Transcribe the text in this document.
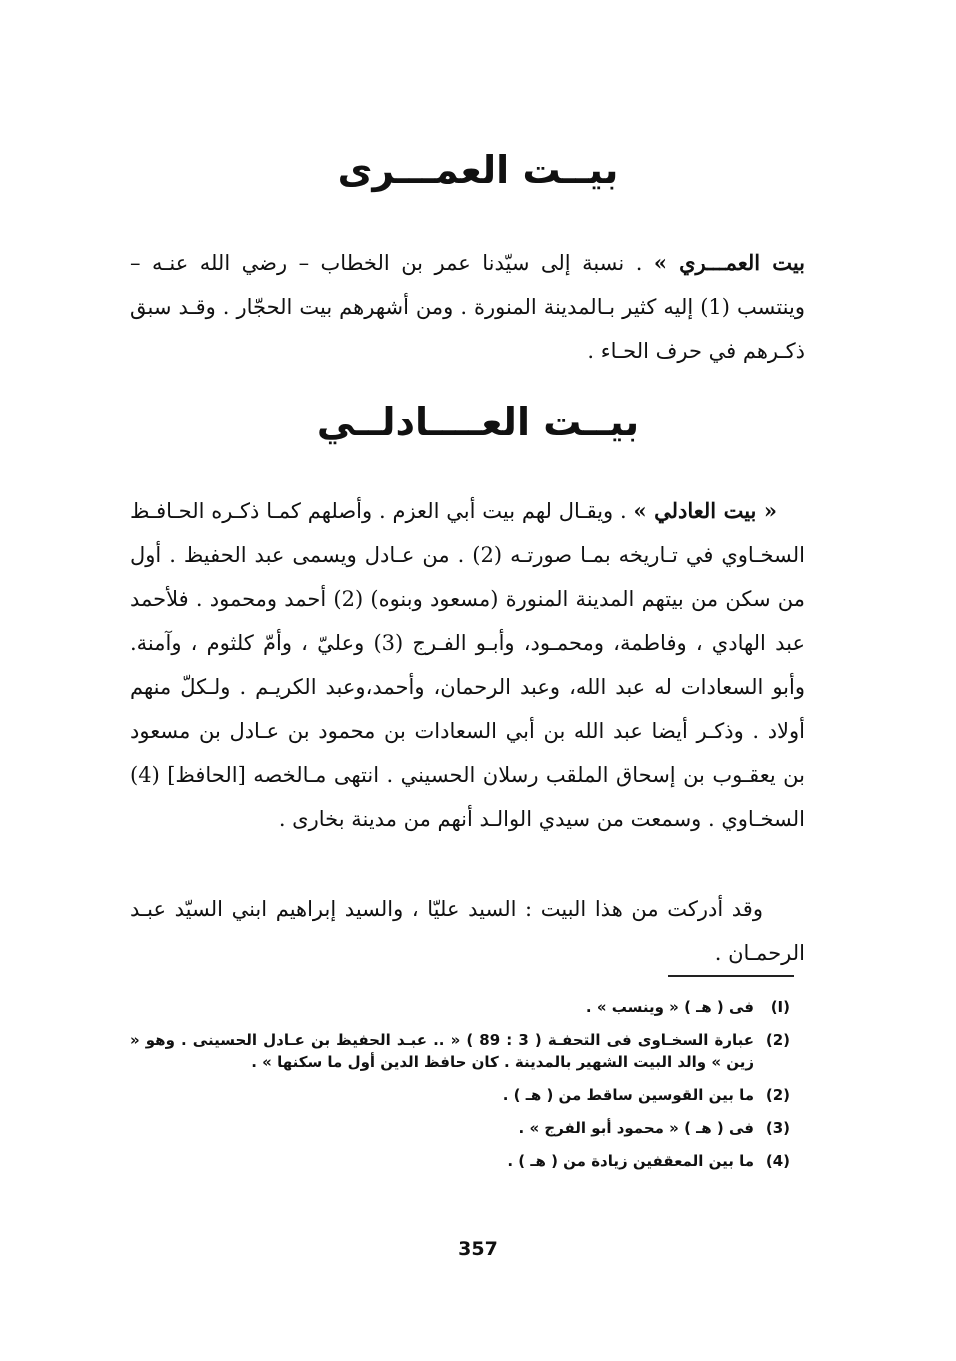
بيــت العمـــرى

بيت العمـــري » . نسبة إلى سيّدنا عمر بن الخطاب – رضي الله عنـه – وينتسب (1) إليه كثير بـالمدينة المنورة . ومن أشهرهم بيت الحجّار . وقـد سبق ذكـرهم في حرف الحـاء .

بيــت العــــادلــي

« بيت العادلي » . ويقـال لهم بيت أبي العزم . وأصلهم كمـا ذكـره الحـافـظ السخـاوي في تـاريخه بمـا صورتـه (2) . من عـادل ويسمى عبد الحفيظ . أول من سكن من بيتهم المدينة المنورة (مسعود وبنوه) (2) أحمد ومحمود . فلأحمد عبد الهادي ، وفاطمة، ومحمـود، وأبـو الفـرج (3) وعليّ ، وأمّ كلثوم ، وآمنة. وأبو السعادات له عبد الله، وعبد الرحمان، وأحمد،وعبد الكريـم . ولـكلّ منهم أولاد . وذكـر أيضا عبد الله بن أبي السعادات بن محمود بن عـادل بن مسعود بن يعقـوب بن إسحاق الملقب رسلان الحسيني . انتهى مـالخصه [الحافظ] (4) السخـاوي . وسمعت من سيدي الوالـد أنهم من مدينة بخارى .

وقد أدركت من هذا البيت : السيد عليّا ، والسيد إبراهيم ابني السيّد عبـد الرحمـان .

(I)
فى ( هـ ) « وينسب » .
(2)
عبارة السخـاوى فى التحفـة ( 3 : 89 ) « .. عبـد الحفيظ بن عـادل الحسينى . وهو « زين » والد البيت الشهير بالمدينة . كان حافظ الدين أول ما سكنها » .
(2)
ما بين القوسين ساقط من ( هـ ) .
(3)
فى ( هـ ) « محمود أبو الفرج » .
(4)
ما بين المعقفين زيادة من ( هـ ) .
357
